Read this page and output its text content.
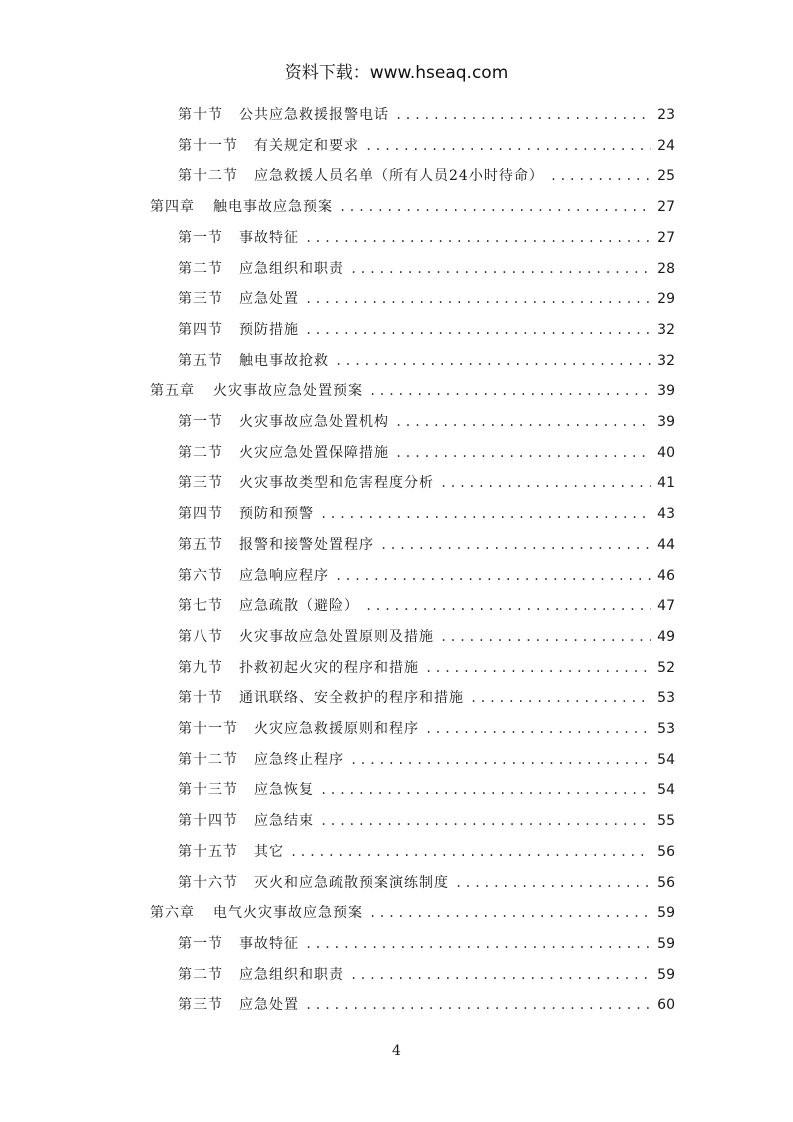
资料下载：www.hseaq.com
第十节 公共应急救援报警电话 .....	23
第十一节 有关规定和要求 .....	24
第十二节 应急救援人员名单（所有人员24小时待命） .....	25
第四章 触电事故应急预案 .....	27
第一节 事故特征 .....	27
第二节 应急组织和职责 .....	28
第三节 应急处置 .....	29
第四节 预防措施 .....	32
第五节 触电事故抢救 .....	32
第五章 火灾事故应急处置预案 .....	39
第一节 火灾事故应急处置机构 .....	39
第二节 火灾应急处置保障措施 .....	40
第三节 火灾事故类型和危害程度分析 .....	41
第四节 预防和预警 .....	43
第五节 报警和接警处置程序 .....	44
第六节 应急响应程序 .....	46
第七节 应急疏散（避险） .....	47
第八节 火灾事故应急处置原则及措施 .....	49
第九节 扑救初起火灾的程序和措施 .....	52
第十节 通讯联络、安全救护的程序和措施 .....	53
第十一节 火灾应急救援原则和程序 .....	53
第十二节 应急终止程序 .....	54
第十三节 应急恢复 .....	54
第十四节 应急结束 .....	55
第十五节 其它 .....	56
第十六节 灭火和应急疏散预案演练制度 .....	56
第六章 电气火灾事故应急预案 .....	59
第一节 事故特征 .....	59
第二节 应急组织和职责 .....	59
第三节 应急处置 .....	60
4
